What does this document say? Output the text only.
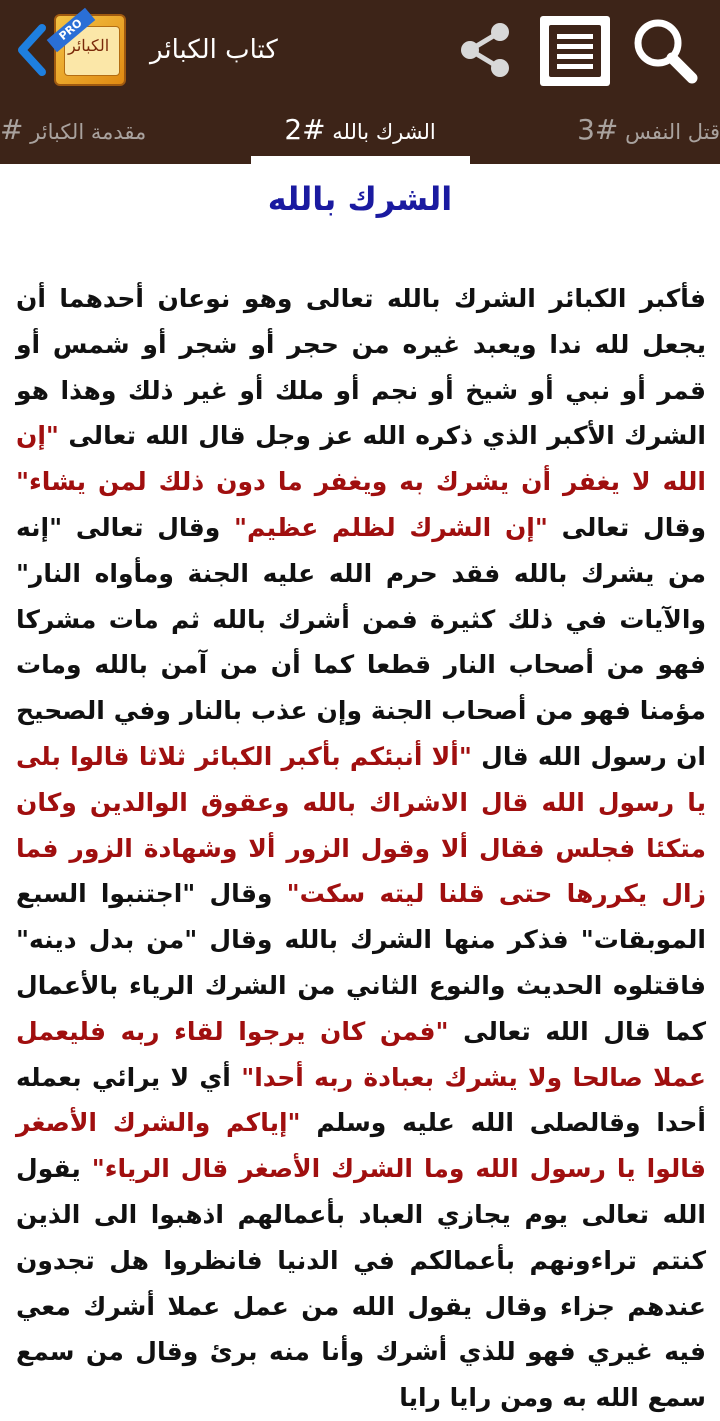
الكبائر
PRO
كتاب الكبائر
مقدمة الكبائر #	الشرك بالله #2	قتل النفس #3
الشرك بالله
فأكبر الكبائر الشرك بالله تعالى وهو نوعان أحدهما أن يجعل لله ندا ويعبد غيره من حجر أو شجر أو شمس أو قمر أو نبي أو شيخ أو نجم أو ملك أو غير ذلك وهذا هو الشرك الأكبر الذي ذكره الله عز وجل قال الله تعالى "إن الله لا يغفر أن يشرك به ويغفر ما دون ذلك لمن يشاء" وقال تعالى "إن الشرك لظلم عظيم" وقال تعالى "إنه من يشرك بالله فقد حرم الله عليه الجنة ومأواه النار" والآيات في ذلك كثيرة فمن أشرك بالله ثم مات مشركا فهو من أصحاب النار قطعا كما أن من آمن بالله ومات مؤمنا فهو من أصحاب الجنة وإن عذب بالنار وفي الصحيح ان رسول الله قال "ألا أنبئكم بأكبر الكبائر ثلاثا قالوا بلى يا رسول الله قال الاشراك بالله وعقوق الوالدين وكان متكئا فجلس فقال ألا وقول الزور ألا وشهادة الزور فما زال يكررها حتى قلنا ليته سكت" وقال "اجتنبوا السبع الموبقات" فذكر منها الشرك بالله وقال "من بدل دينه" فاقتلوه الحديث والنوع الثاني من الشرك الرياء بالأعمال كما قال الله تعالى "فمن كان يرجوا لقاء ربه فليعمل عملا صالحا ولا يشرك بعبادة ربه أحدا" أي لا يرائي بعمله أحدا وقالصلى الله عليه وسلم "إياكم والشرك الأصغر قالوا يا رسول الله وما الشرك الأصغر قال الرياء" يقول الله تعالى يوم يجازي العباد بأعمالهم اذهبوا الى الذين كنتم تراءونهم بأعمالكم في الدنيا فانظروا هل تجدون عندهم جزاء وقال يقول الله من عمل عملا أشرك معي فيه غيري فهو للذي أشرك وأنا منه برئ وقال من سمع سمع الله به ومن رايا رايا
